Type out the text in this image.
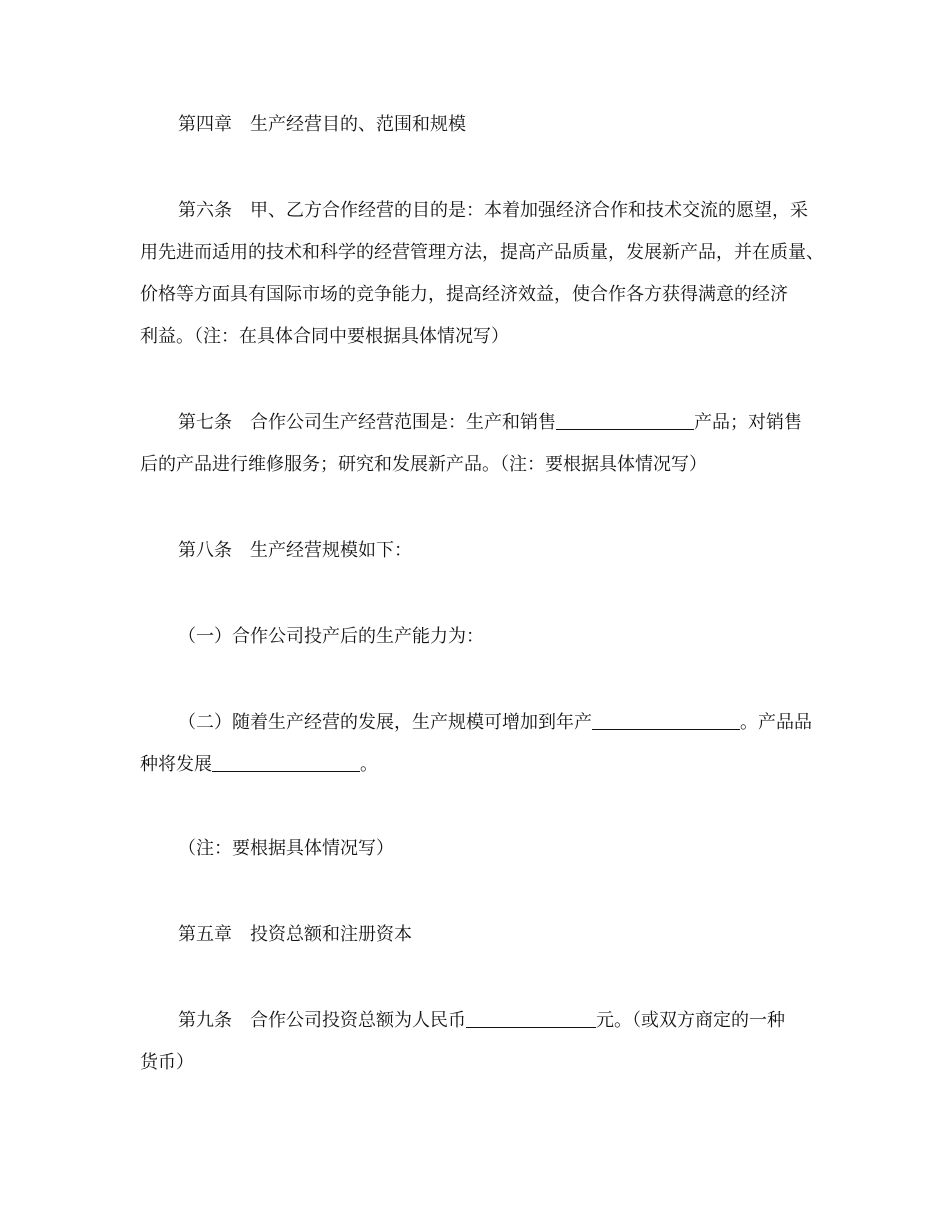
第四章　生产经营目的、范围和规模
第六条　甲、乙方合作经营的目的是：本着加强经济合作和技术交流的愿望，采
用先进而适用的技术和科学的经营管理方法，提高产品质量，发展新产品，并在质量、
价格等方面具有国际市场的竞争能力，提高经济效益，使合作各方获得满意的经济
利益。（注：在具体合同中要根据具体情况写）
第七条　合作公司生产经营范围是：生产和销售	产品；对销售
后的产品进行维修服务；研究和发展新产品。（注：要根据具体情况写）
第八条　生产经营规模如下：
（一）合作公司投产后的生产能力为：
（二）随着生产经营的发展，生产规模可增加到年产	。产品品
种将发展	。
（注：要根据具体情况写）
第五章　投资总额和注册资本
第九条　合作公司投资总额为人民币	元。（或双方商定的一种
货币）
